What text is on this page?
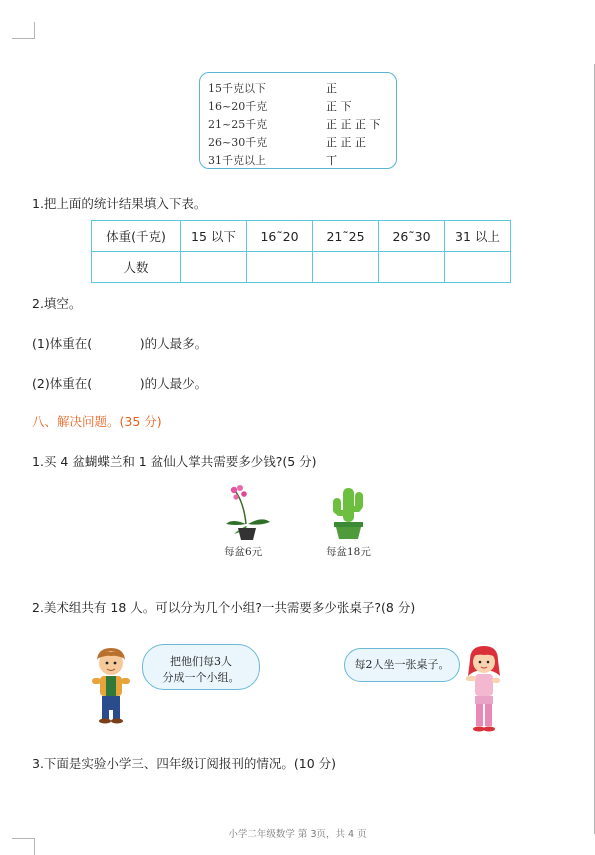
15千克以下	正
16~20千克	正 下
21~25千克	正 正 正 下
26~30千克	正 正 正
31千克以上	丅
1.把上面的统计结果填入下表。
体重(千克)	15 以下	16˜20	21˜25	26˜30	31 以上
人数					
2.填空。
(1)体重在(            )的人最多。
(2)体重在(            )的人最少。
八、解决问题。(35 分)
1.买 4 盆蝴蝶兰和 1 盆仙人掌共需要多少钱?(5 分)
每盆6元	每盆18元
2.美术组共有 18 人。可以分为几个小组?一共需要多少张桌子?(8 分)
把他们每3人
分成一个小组。
每2人坐一张桌子。
3.下面是实验小学三、四年级订阅报刊的情况。(10 分)
小学二年级数学 第 3页，共 4 页
